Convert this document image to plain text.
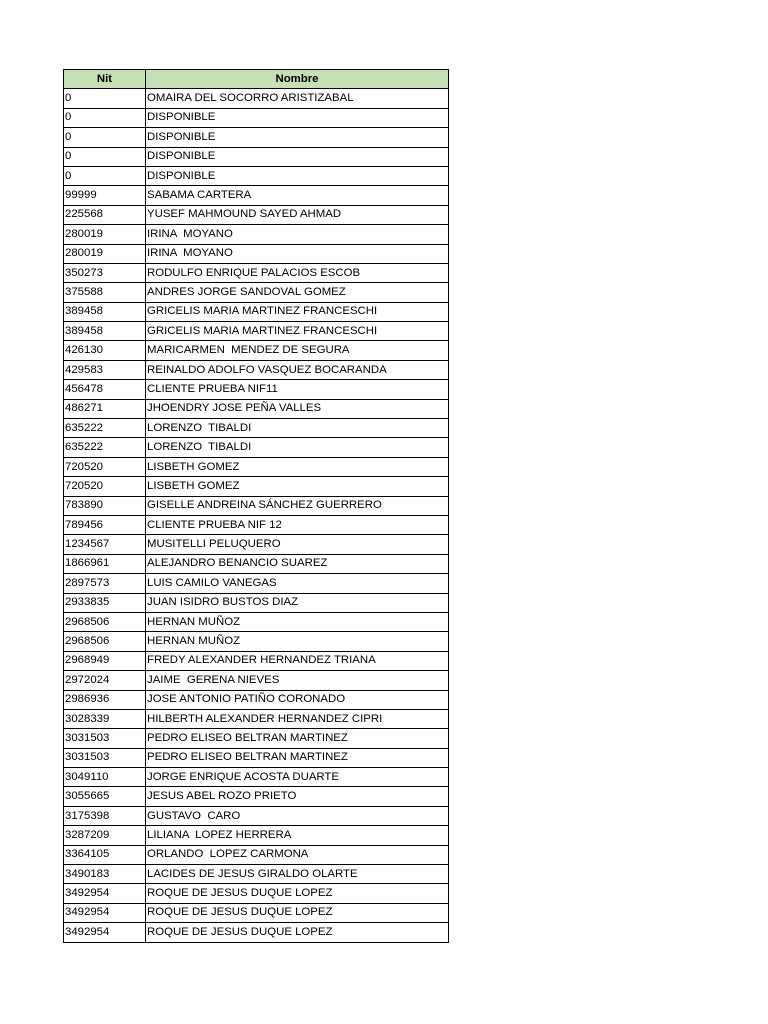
Nit	Nombre
0	OMAIRA DEL SOCORRO ARISTIZABAL
0	DISPONIBLE
0	DISPONIBLE
0	DISPONIBLE
0	DISPONIBLE
99999	SABAMA CARTERA
225568	YUSEF MAHMOUND SAYED AHMAD
280019	IRINA  MOYANO
280019	IRINA  MOYANO
350273	RODULFO ENRIQUE PALACIOS ESCOB
375588	ANDRES JORGE SANDOVAL GOMEZ
389458	GRICELIS MARIA MARTINEZ FRANCESCHI
389458	GRICELIS MARIA MARTINEZ FRANCESCHI
426130	MARICARMEN  MENDEZ DE SEGURA
429583	REINALDO ADOLFO VASQUEZ BOCARANDA
456478	CLIENTE PRUEBA NIF11
486271	JHOENDRY JOSE PEÑA VALLES
635222	LORENZO  TIBALDI
635222	LORENZO  TIBALDI
720520	LISBETH GOMEZ
720520	LISBETH GOMEZ
783890	GISELLE ANDREINA SÁNCHEZ GUERRERO
789456	CLIENTE PRUEBA NIF 12
1234567	MUSITELLI PELUQUERO
1866961	ALEJANDRO BENANCIO SUAREZ
2897573	LUIS CAMILO VANEGAS
2933835	JUAN ISIDRO BUSTOS DIAZ
2968506	HERNAN MUÑOZ
2968506	HERNAN MUÑOZ
2968949	FREDY ALEXANDER HERNANDEZ TRIANA
2972024	JAIME  GERENA NIEVES
2986936	JOSE ANTONIO PATIÑO CORONADO
3028339	HILBERTH ALEXANDER HERNANDEZ CIPRI
3031503	PEDRO ELISEO BELTRAN MARTINEZ
3031503	PEDRO ELISEO BELTRAN MARTINEZ
3049110	JORGE ENRIQUE ACOSTA DUARTE
3055665	JESUS ABEL ROZO PRIETO
3175398	GUSTAVO  CARO
3287209	LILIANA  LOPEZ HERRERA
3364105	ORLANDO  LOPEZ CARMONA
3490183	LACIDES DE JESUS GIRALDO OLARTE
3492954	ROQUE DE JESUS DUQUE LOPEZ
3492954	ROQUE DE JESUS DUQUE LOPEZ
3492954	ROQUE DE JESUS DUQUE LOPEZ
